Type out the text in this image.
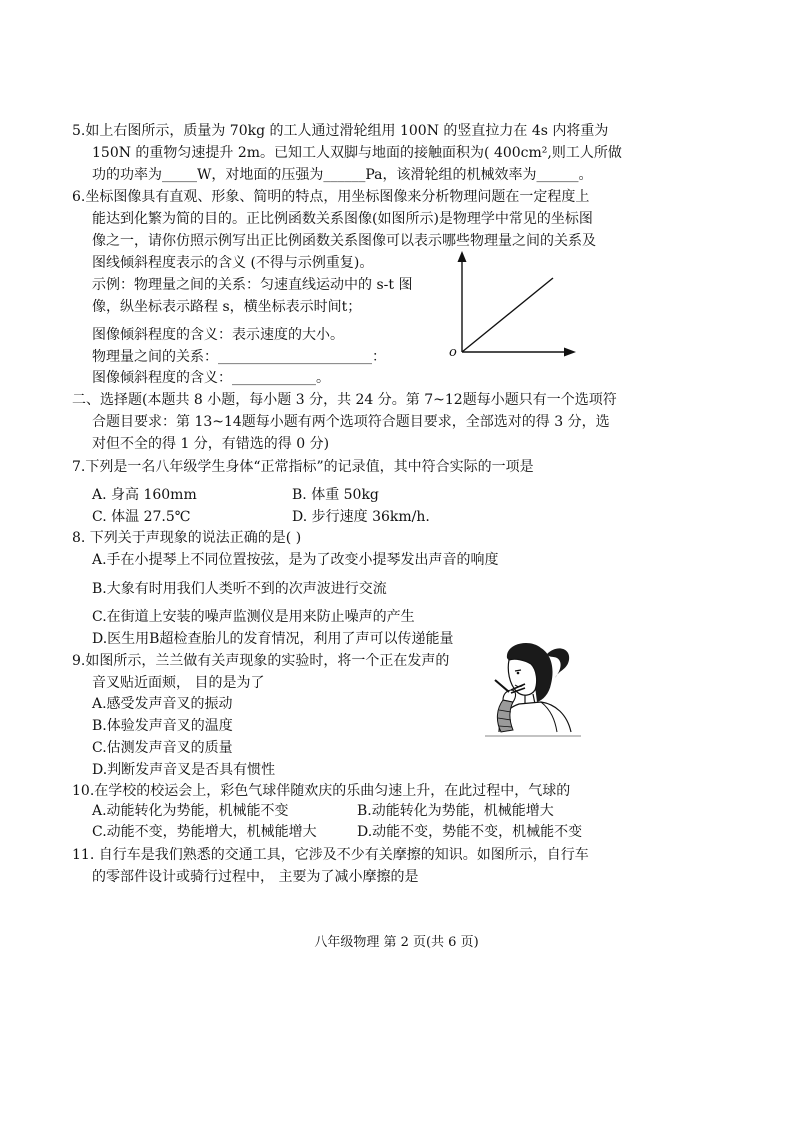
5.如上右图所示，质量为 70kg 的工人通过滑轮组用 100N 的竖直拉力在 4s 内将重为
150N 的重物匀速提升 2m。已知工人双脚与地面的接触面积为( 400cm²,则工人所做
功的功率为_____W，对地面的压强为______Pa，该滑轮组的机械效率为______。
6.坐标图像具有直观、形象、简明的特点，用坐标图像来分析物理问题在一定程度上
能达到化繁为简的目的。正比例函数关系图像(如图所示)是物理学中常见的坐标图
像之一，请你仿照示例写出正比例函数关系图像可以表示哪些物理量之间的关系及
图线倾斜程度表示的含义 (不得与示例重复)。
示例：物理量之间的关系：匀速直线运动中的 s-t 图
像，纵坐标表示路程 s，横坐标表示时间t；
图像倾斜程度的含义：表示速度的大小。
物理量之间的关系：______________________：
图像倾斜程度的含义：____________。
o
二、选择题(本题共 8 小题，每小题 3 分，共 24 分。第 7~12题每小题只有一个选项符
合题目要求：第 13~14题每小题有两个选项符合题目要求，全部选对的得 3 分，选
对但不全的得 1 分，有错选的得 0 分)
7.下列是一名八年级学生身体“正常指标”的记录值，其中符合实际的一项是
A. 身高 160mm	B. 体重 50kg
C. 体温 27.5℃	D. 步行速度 36km/h.
8. 下列关于声现象的说法正确的是( )
A.手在小提琴上不同位置按弦，是为了改变小提琴发出声音的响度
B.大象有时用我们人类听不到的次声波进行交流
C.在街道上安装的噪声监测仪是用来防止噪声的产生
D.医生用B超检查胎儿的发育情况，利用了声可以传递能量
9.如图所示，兰兰做有关声现象的实验时，将一个正在发声的
音叉贴近面颊， 目的是为了
A.感受发声音叉的振动
B.体验发声音叉的温度
C.估测发声音叉的质量
D.判断发声音叉是否具有惯性
10.在学校的校运会上，彩色气球伴随欢庆的乐曲匀速上升，在此过程中，气球的
A.动能转化为势能，机械能不变	B.动能转化为势能，机械能增大
C.动能不变，势能增大，机械能增大	D.动能不变，势能不变，机械能不变
11. 自行车是我们熟悉的交通工具，它涉及不少有关摩擦的知识。如图所示，自行车
的零部件设计或骑行过程中， 主要为了减小摩擦的是
八年级物理 第 2 页(共 6 页)
